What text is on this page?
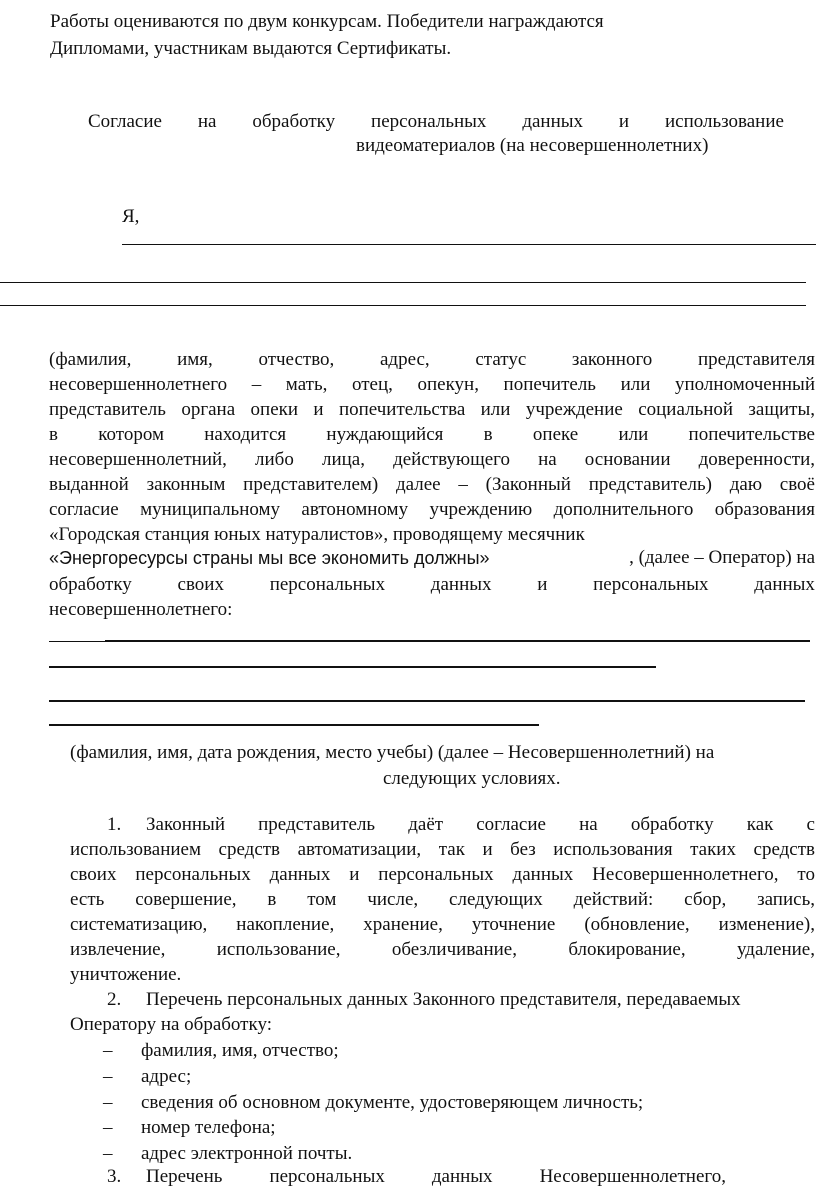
Работы оцениваются по двум конкурсам. Победители награждаются
Дипломами, участникам выдаются Сертификаты.
Согласие на обработку персональных данных и использование
видеоматериалов (на несовершеннолетних)
Я,
(фамилия, имя, отчество, адрес, статус законного представителя
несовершеннолетнего – мать, отец, опекун, попечитель или уполномоченный
представитель органа опеки и попечительства или учреждение социальной защиты,
в котором находится нуждающийся в опеке или попечительстве
несовершеннолетний, либо лица, действующего на основании доверенности,
выданной законным представителем) далее – (Законный представитель) даю своё
согласие муниципальному автономному учреждению дополнительного образования
«Городская станция юных натуралистов», проводящему месячник
«Энергоресурсы страны мы все экономить должны»	, (далее – Оператор) на
обработку своих персональных данных и персональных данных
несовершеннолетнего:
(фамилия, имя, дата рождения, место учебы) (далее – Несовершеннолетний) на
следующих условиях.
1. Законный представитель даёт согласие на обработку как с
использованием средств автоматизации, так и без использования таких средств
своих персональных данных и персональных данных Несовершеннолетнего, то
есть совершение, в том числе, следующих действий: сбор, запись,
систематизацию, накопление, хранение, уточнение (обновление, изменение),
извлечение, использование, обезличивание, блокирование, удаление,
уничтожение.
2. Перечень персональных данных Законного представителя, передаваемых
Оператору на обработку:
– фамилия, имя, отчество;
– адрес;
– сведения об основном документе, удостоверяющем личность;
– номер телефона;
– адрес электронной почты.
3. Перечень персональных данных Несовершеннолетнего,
